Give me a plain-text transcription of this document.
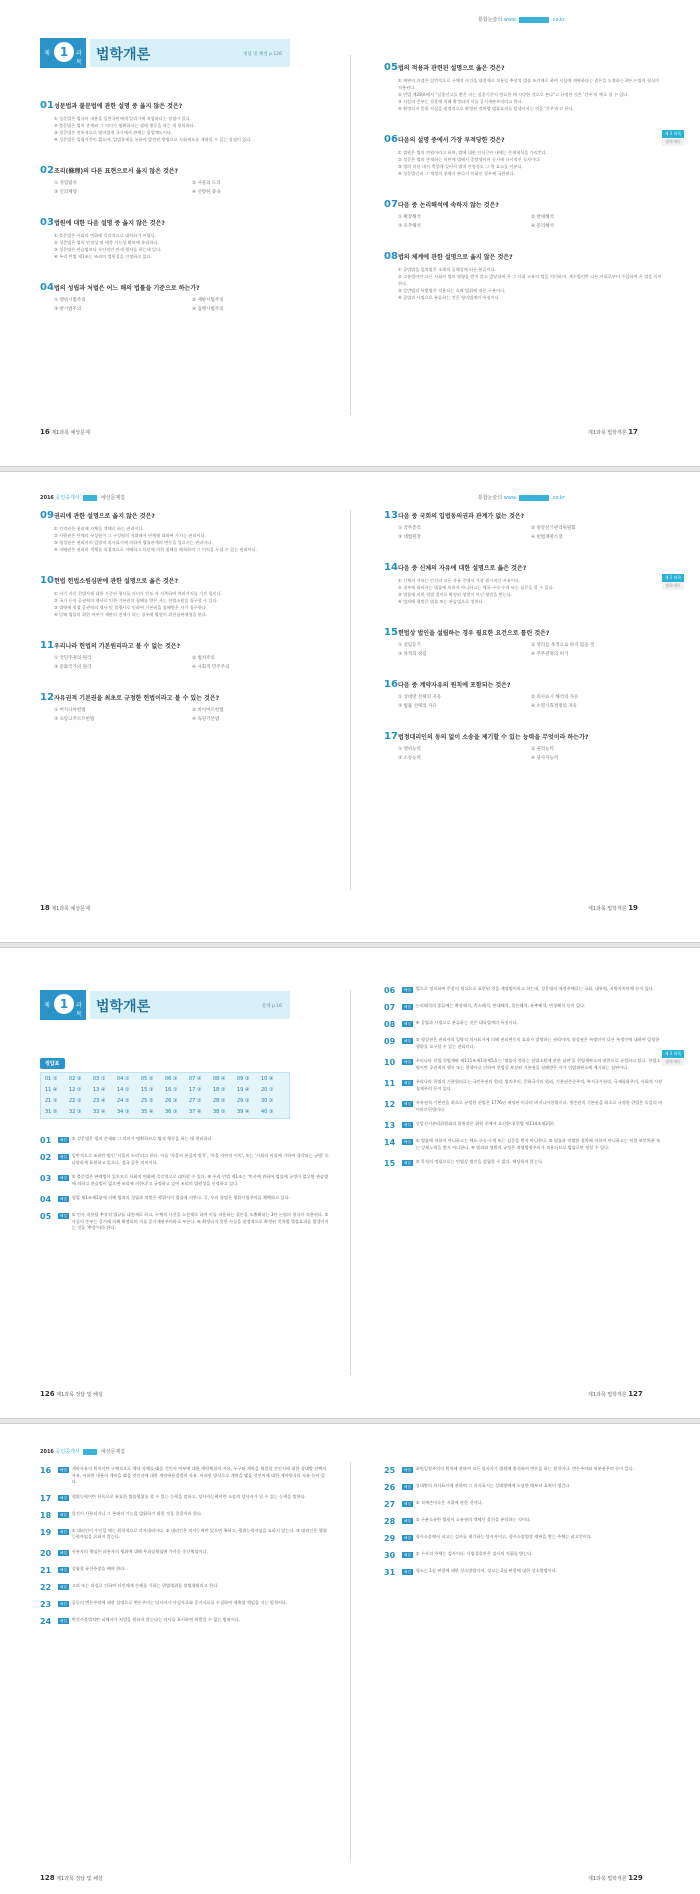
통합논술의 www.	.co.kr
제 1	과목	법학개론	정답 및 해설 p.126
01 성문법과 불문법에 관한 설명 중 옳지 않은 것은?
① 성문법은 법규의 내용을 일반국민에게 알리기에 적합하다는 장점이 있다.
② 불문법은 법의 존재와 그 의미가 명확하다는 점에 행동을 하는 데 편리하다.
③ 성문법은 전통적으로 영미법계 국가에서 관례는 입법채도이다.
④ 성문법은 입법시간이 짧으며, 입법통제를 통하여 발전된 방법으로 사회제도를 개혁할 수 있는 장점이 있다.
02 조리(條理)의 다른 표현으로서 옳지 않은 것은?
① 경험법칙	② 사물의 도리
③ 인의체량	④ 선량한 풍속
03 법원에 대한 다음 설명 중 옳지 않은 것은?
① 불문법은 사회의 변화에 즉각적으로 대처하기 어렵다.
② 성문법은 법의 안정성 및 예측 가능성 확보에 유리하다.
③ 성문법은 관습법보다 독단적인 관계 행사를 하는데 있다.
④ 우리 민법 제1조는 조리의 법원성을 인정하고 있다.
04 법의 성립과 처벌은 어느 해의 법률을 기준으로 하는가?
① 행위시법주의	② 재판시법주의
③ 판시법주의	④ 집행시법주의
05 법의 적용과 관련된 설명으로 옳은 것은?
① 재판의 과정은 일반적으로 구체적 사건을 대전제로 적용될 추상적 법률 조건체로 하여 사실에 재판하다는 결론을 도출하는 3단 논법의 형식의 적용된다.
② 민법 제28조에서 "실종선고를 받은 자는 실종기간이 만료한 때 사망한 것으로 본다"고 규정한 것은 '간주'의 예로 할 수 있다.
③ 사실의 존부는 결혼에 의해 확정되며 이를 증거재판주의라고 한다.
④ 확정되지 못한 사실을 잠정적으로 확정된 것처럼 법률효과를 발생시키는 것을 '간주'라고 한다.
06 다음의 설명 중에서 가장 부적당한 것은?
① 법원은 법의 연원이라고 하며, 법에 대한 인식근단 내에는 존재형식을 가리킨다.
② 성문은 법의 존재하는 미만에 법에서 종말생이어 동시에 규시적인 독자이다.
③ 법의 미년 내지 축성에 있어서 법적 안정성도 그 한 효소를 이룬다.
④ 성문법인과 그 재정의 주체가 판다시 미회인 경우에 국한된다.
07 다음 중 논리해석에 속하지 않는 것은?
① 확장해석	② 반대해석
③ 유추해석	④ 문리해석
08 법의 체계에 관한 설명으로 옳지 않은 것은?
① 공법법을 일치법은 초계의 공체성에 따른 분류이다.
② 고유법이란 다른 사회의 법의 영향을 받지 않고 발달하여 온 그 사회 고유의 법을 의미하며, 계수법이란 다른 사회로부터 수입하여 온 법을 의미한다.
③ 일반법과 특별법은 적용되는 효력 범위에 따른 구분이다.
④ 공법과 사법으로 분류하는 것은 영미법계의 특징이다.
제 1 과목
법학개론
16 제1과목 예상문제	제1과목 법학개론 17
2016 공인중개사	예상문제집	통합논술의 www.	.co.kr
09 권리에 관한 설명으로 옳지 않은 것은?
① 인격권은 권리에 자체를 객체로 하는 권리이다.
② 사원권은 단체의 구성원이 그 구성원의 지위에서 단체에 대하여 가지는 권리이다.
③ 형성권은 권리자의 일방적 의사표시에 의하여 법률관계의 변동을 일으키는 권리이다.
④ 지배권은 권리의 객체를 직접적으로 지배하고 타인에 의한 침해를 배척하여 그 이익을 누릴 수 있는 권리이다.
10 헌법 헌법소원심판에 관한 설명으로 옳은 것은?
① 자기 자신 헌법사에 대한 가중된 행사를 자녀가 인도 자 저촉하여 여러가지를 가진 힘이다.
② 국가 등이 공권력의 행사로 인한 기본권의 침해를 받은 자는 헌법소원을 청구할 수 있다.
③ 법령에 직접 공권력의 행사 및 불행사로 인하여 기본권을 침해받은 자가 청구한다.
④ 당해 법률의 위헌 여부가 재판의 전제가 되는 경우에 법원이 위헌심판제청을 한다.
11 우리나라 헌법의 기본원리라고 볼 수 없는 것은?
① 국민주권의 원리	② 법치주의
③ 문화국가의 원리	④ 사회적 민주주의
12 자유권적 기본권을 최초로 규정한 헌법이라고 볼 수 있는 것은?
① 버지니아헌법	② 바이마르헌법
③ 프랑크푸르트헌법	④ 독일기본법
13 다음 중 국회의 입법동의권과 관계가 없는 것은?
① 국무총리	② 중앙선거관리위원회
③ 대법원장	④ 헌법재판소장
14 다음 중 신체의 자유에 대한 설명으로 옳은 것은?
① 신체의 자유는 인간의 모든 자유 중에서 가장 원시적인 자유이다.
② 경우에 따라서는 법률에 의하지 아니하고는 체포·구속·수색 또는 심문을 할 수 있다.
③ 법률에 의한 적법 절차로 확정된 형벌이 아닌 형벌을 받는다.
④ 범죄에 형벌은 법률 또는 관습법으로 정한다.
15 헌법상 법인을 설립하는 경우 필요한 요건으로 틀린 것은?
① 설립등기	② 영리를 목적으로 하지 않을 것
③ 목적의 정립	④ 주무관청의 허가
16 다음 중 계약자유의 원칙에 포함되는 것은?
① 상대방 선택의 자유	② 의사표시 해석의 자유
③ 법률 선택의 자유	④ 소멸시효결정의 자유
17 법정대리인의 동의 없이 소송을 제기할 수 있는 능력을 무엇이라 하는가?
① 행위능력	② 권리능력
③ 소송능력	④ 당사자능력
제 1 과목
법학개론
18 제1과목 예상문제	제1과목 법학개론 19
제 1	과목	법학개론	문제 p.16
정답표
01 ②	02 ③	03 ①	04 ①	05 ②	06 ③	07 ④	08 ④	09 ③	10 ④
11 ④	12 ①	13 ④	14 ①	15 ③	16 ①	17 ③	18 ②	19 ④	20 ①
21 ②	22 ③	23 ④	24 ②	25 ②	26 ③	27 ②	28 ②	29 ③	30 ②
31 ②	32 ③	33 ④	34 ③	35 ④	36 ③	37 ④	38 ②	39 ④	40 ③
01	해설	② 성문법은 법의 존재와 그 의미가 명확하므로 법적 행동을 하는 데 편리하다.
02	해설	일반적으로 조리란 범인 '사물의 도리'라고 한다. 이를 '사물의 본질적 법칙', '사물 자연의 이치', 또는 '사회의 이성에 기하여 생각되는 규범' 등 다양하게 표현하고 있으나, 결국 같은 의미이다.
03	해설	① 불문법은 판례법이 있으므로 사회의 변화에 즉각적으로 대처할 수 있다. ④ 우리 민법 제1조는 '민사에 관하여 법률에 규정이 없으면 관습법에 의하고 관습법이 없으면 조리에 의한다'고 규정하고 있어 조리의 법원성을 인정하고 있다.
04	해설	형법 제1조제1항에 의해 범죄의 성립과 처벌은 행위시의 법률에 의한다. 즉, 우리 형법은 행위시법주의를 채택하고 있다.
05	해설	① 민사 적용될 추상적 법규를 대전제로 하고, 구체적 사건을 소전제로 하여 이를 적용하는 결론을 도출해내는 3단 논법의 형식이 적용된다. ② 사실의 존부는 증거에 의해 확정되며 이를 증거재판주의라고 부른다. ④ 확정되지 못한 사실을 잠정적으로 확정된 것처럼 법률효과를 발생시키는 것을 '추정'이라 한다.
06	해설	법으로 정의하여 문장의 형식으로 표현된 것을 제정법이라고 하는데, 성문법의 제정주체로는 국회, 대통령, 지방자치단체 등이 있다.
07	해설	논리해석의 종류에는 확장해석, 축소해석, 반대해석, 물론해석, 유추해석, 변경해석 등이 있다.
08	해설	④ 공법과 사법으로 분류하는 것은 대륙법계의 특징이다.
09	해설	③ 형성권은 권리자의 일방적 의사표시에 의해 권리변동의 효과가 발생하는 권리이며, 형성권은 특정인이 다른 특정인에 대하여 일정한 행위를 요구할 수 있는 권리이다.
10	해설	우리나라 헌법 헌법재판 제111조제1항제5호는 '법률이 정하는 헌법소원에 관한 심판'을 헌법재판소의 권한으로 규정하고 있다. 헌법소원이란 공권력의 행사 또는 불행사로 인하여 헌법상 보장된 기본권을 침해받은 자가 헌법재판소에 제기하는 심판이다.
11	해설	우리나라 헌법의 기본원리로는 국민주권의 원리, 법치주의, 문화국가의 원리, 기본권존중주의, 복지국가원리, 국제평화주의, 사회적 시장경제주의 등이 있다.
12	해설	자유권적 기본권을 최초로 규정한 헌법은 1776년 제정된 미국의 버지니아헌법이다. 생존권적 기본권을 최초로 규정한 헌법은 독일의 바이마르헌법이다.
13	해설	중앙선거관리위원회의 위원장은 위원 중에서 호선한다(헌법 제114조제2항).
14	해설	① 법률에 의하지 아니하고는 체포·구속·수색 또는 심문을 받지 아니한다. ③ 법률과 적법한 절차에 의하지 아니하고는 처벌·보안처분 또는 강제노역을 받지 아니한다. ④ 범죄와 형벌의 규정은 죄형법정주의가 적용되므로 법률로만 정할 수 있다.
15	해설	③ 목적의 정립으로는 민법상 법인을 설립할 수 없다. 해당하지 않는다.
제 1 과목
법학개론
126 제1과목 정답 및 해설	제1과목 법학개론 127
2016 공인중개사	예상문제집
16	해설	계약자유의 원칙이란 구체적으로 계약 자체를 맺을 것인지 여부에 대한 계약체결의 자유, 누구와 계약을 체결할 것인지에 대한 상대방 선택의 자유, 어떠한 내용의 계약을 맺을 것인지에 대한 계약내용결정의 자유, 어떠한 방식으로 계약을 맺을 것인지에 대한 계약방식의 자유 등이 있다.
17	해설	행위능력이란 단독으로 유효한 법률행위를 할 수 있는 능력을 말하고, 당사자능력이란 소송의 당사자가 될 수 있는 능력을 말한다.
18	해설	물건이 사용되거나 그 본래의 기능을 발휘하기 위한 것을 종물이라 한다.
19	해설	① 대리인이 수인일 때는 원칙적으로 각자대리이다. ② 대리인은 의사능력만 있으면 족하고, 행위능력자임을 요하지 않는다. ③ 대리인은 행위능력자임을 요하지 않는다.
20	해설	사용자의 책임은 피용자의 행위에 대해 무과실책임에 가까운 중간책임이다.
21	해설	설립할 유산주장을 해야 한다.
22	해설	고의 또는 과실로 인하여 타인에게 손해를 가하는 위법행위를 불법행위라고 한다.
23	해설	공동의 변론주의에 대한 설명으로 변론주의는 당사자가 사실자료와 증거자료를 수집하여 제출할 책임을 지는 원칙이다.
24	해설	반의사불벌죄란 피해자가 처벌을 원하지 않는다는 의사를 표시하면 처벌할 수 없는 범죄이다.
25	해설	최원일정주의의 원칙에 관하여 모든 당사자가 법원에 출석하여 변론을 하는 원칙이다. 변론주의와 처분권주의 등이 있다.
26	해설	상대방의 의사표시에 관하여 그 의사표시는 상대방에게 도달한 때부터 효력이 생긴다.
27	해설	② 직계존비속은 지위에 관한 것이다.
28	해설	② 구분소유란 법원이 소유권의 객체인 물건을 분할하는 것이다.
29	해설	형사소송에서 피고는 검사를 제기하는 당사자이고, 형사소송법상 재판을 받는 주체는 피고인이다.
30	해설	② 수사의 주체는 검사이다. 사법경찰관은 검사의 지휘를 받는다.
31	해설	형소는 1심 판결에 대한 상소방법이며, 상고는 2심 판결에 대한 상소방법이다.
128 제1과목 정답 및 해설	제1과목 법학개론 129
